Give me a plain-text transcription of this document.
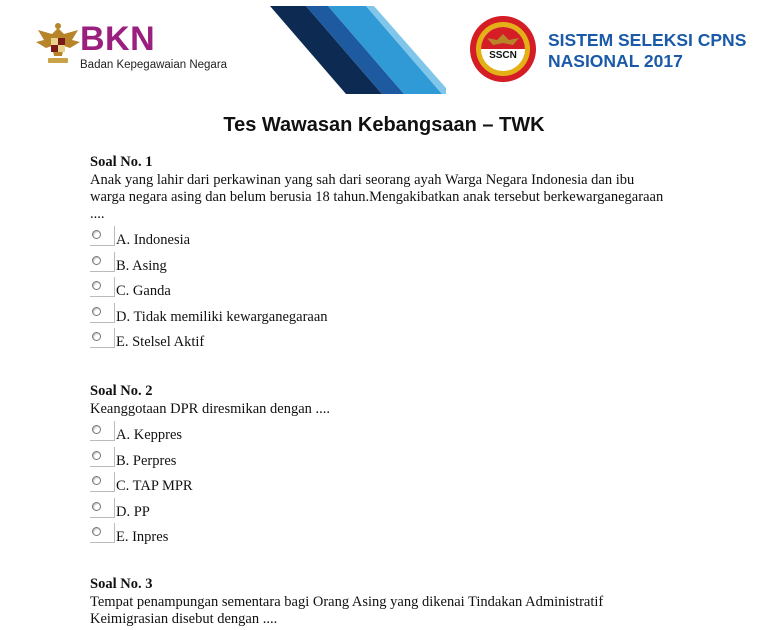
BKN
Badan Kepegawaian Negara
SSCN
SISTEM SELEKSI CPNS
NASIONAL 2017
Tes Wawasan Kebangsaan – TWK
Soal No. 1
Anak yang lahir dari perkawinan yang sah dari seorang ayah Warga Negara Indonesia dan ibu warga negara asing dan belum berusia 18 tahun.Mengakibatkan anak tersebut berkewarganegaraan ....
A. Indonesia
B. Asing
C. Ganda
D. Tidak memiliki kewarganegaraan
E. Stelsel Aktif
Soal No. 2
Keanggotaan DPR diresmikan dengan ....
A. Keppres
B. Perpres
C. TAP MPR
D. PP
E. Inpres
Soal No. 3
Tempat penampungan sementara bagi Orang Asing yang dikenai Tindakan Administratif Keimigrasian disebut dengan ....
